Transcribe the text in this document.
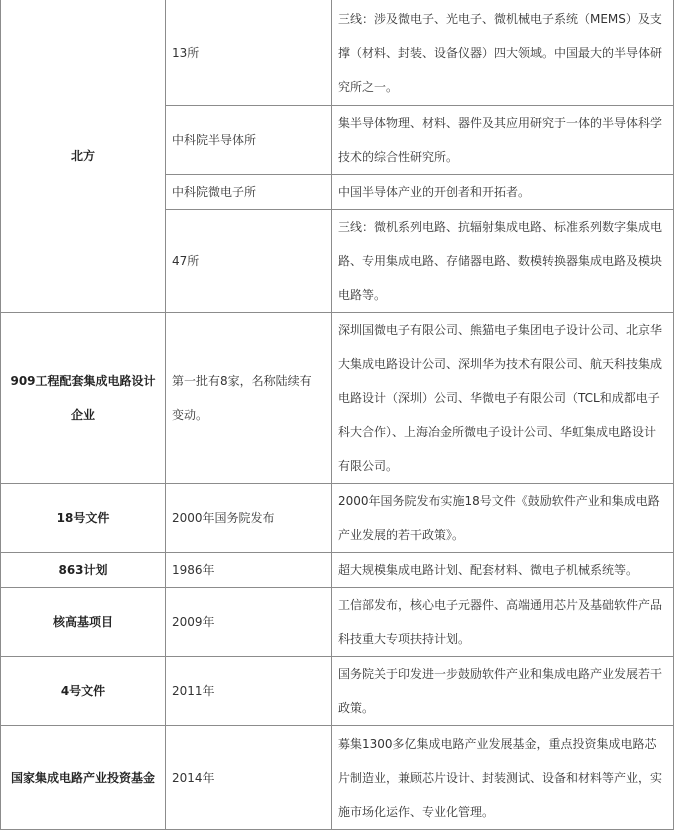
北方	13所	三线：涉及微电子、光电子、微机械电子系统（MEMS）及支撑（材料、封装、设备仪器）四大领域。中国最大的半导体研究所之一。

	中科院半导体所	集半导体物理、材料、器件及其应用研究于一体的半导体科学技术的综合性研究所。

	中科院微电子所	中国半导体产业的开创者和开拓者。

	47所	三线：微机系列电路、抗辐射集成电路、标准系列数字集成电路、专用集成电路、存储器电路、数模转换器集成电路及模块电路等。

909工程配套集成电路设计企业	第一批有8家，名称陆续有变动。	深圳国微电子有限公司、熊猫电子集团电子设计公司、北京华大集成电路设计公司、深圳华为技术有限公司、航天科技集成电路设计（深圳）公司、华微电子有限公司（TCL和成都电子科大合作）、上海冶金所微电子设计公司、华虹集成电路设计有限公司。

18号文件	2000年国务院发布	2000年国务院发布实施18号文件《鼓励软件产业和集成电路产业发展的若干政策》。

863计划	1986年	超大规模集成电路计划、配套材料、微电子机械系统等。

核高基项目	2009年	工信部发布，核心电子元器件、高端通用芯片及基础软件产品科技重大专项扶持计划。

4号文件	2011年	国务院关于印发进一步鼓励软件产业和集成电路产业发展若干政策。

国家集成电路产业投资基金	2014年	募集1300多亿集成电路产业发展基金，重点投资集成电路芯片制造业，兼顾芯片设计、封装测试、设备和材料等产业，实施市场化运作、专业化管理。
